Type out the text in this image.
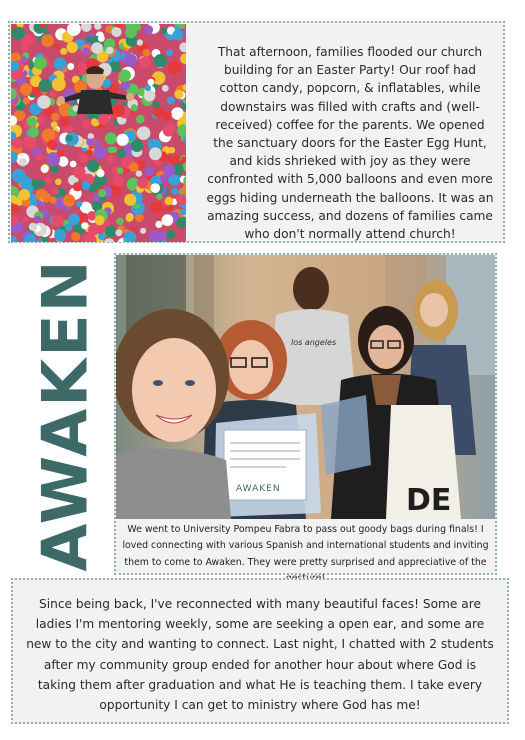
That afternoon, families flooded our church building for an Easter Party! Our roof had cotton candy, popcorn, & inflatables, while downstairs was filled with crafts and (well-received) coffee for the parents. We opened the sanctuary doors for the Easter Egg Hunt, and kids shrieked with joy as they were confronted with 5,000 balloons and even more eggs hiding underneath the balloons. It was an amazing success, and dozens of families came who don't normally attend church!
AWAKEN	los angeles
DE
AWAKEN
We went to University Pompeu Fabra to pass out goody bags during finals! I loved connecting with various Spanish and international students and inviting them to come to Awaken. They were pretty surprised and appreciative of the
Since being back, I've reconnected with many beautiful faces! Some are ladies I'm mentoring weekly, some are seeking a open ear, and some are new to the city and wanting to connect. Last night, I chatted with 2 students after my community group ended for another hour about where God is taking them after graduation and what He is teaching them. I take every opportunity I can get to ministry where God has me!
